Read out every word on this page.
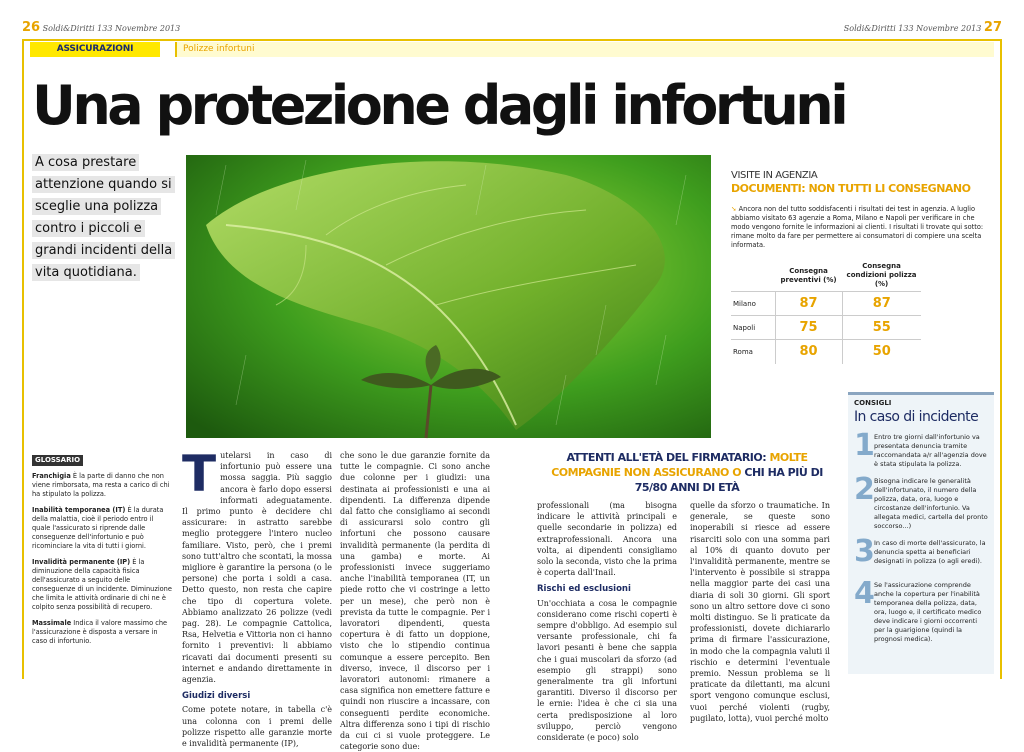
26 Soldi&Diritti 133 Novembre 2013	Soldi&Diritti 133 Novembre 2013 27
ASSICURAZIONI	Polizze infortuni
Una protezione dagli infortuni
A cosa prestare attenzione quando si sceglie una polizza contro i piccoli e grandi incidenti della vita quotidiana.
VISITE IN AGENZIA
DOCUMENTI: NON TUTTI LI CONSEGNANO
➘ Ancora non del tutto soddisfacenti i risultati dei test in agenzia. A luglio abbiamo visitato 63 agenzie a Roma, Milano e Napoli per verificare in che modo vengono fornite le informazioni ai clienti. I risultati li trovate qui sotto: rimane molto da fare per permettere ai consumatori di compiere una scelta informata.
	Consegna preventivi (%)	Consegna condizioni polizza (%)
Milano	87	87
Napoli	75	55
Roma	80	50
GLOSSARIO

Franchigia È la parte di danno che non viene rimborsata, ma resta a carico di chi ha stipulato la polizza.

Inabilità temporanea (IT) È la durata della malattia, cioè il periodo entro il quale l'assicurato si riprende dalle conseguenze dell'infortunio e può ricominciare la vita di tutti i giorni.

Invalidità permanente (IP) È la diminuzione della capacità fisica dell'assicurato a seguito delle conseguenze di un incidente. Diminuzione che limita le attività ordinarie di chi ne è colpito senza possibilità di recupero.

Massimale Indica il valore massimo che l'assicurazione è disposta a versare in caso di infortunio.

T utelarsi in caso di infortunio può essere una mossa saggia. Più saggio ancora è farlo dopo essersi informati adeguatamente. Il primo punto è decidere chi assicurare: in astratto sarebbe meglio proteggere l'intero nucleo familiare. Visto, però, che i premi sono tutt'altro che scontati, la mossa migliore è garantire la persona (o le persone) che porta i soldi a casa. Detto questo, non resta che capire che tipo di copertura volete. Abbiamo analizzato 26 polizze (vedi pag. 28). Le compagnie Cattolica, Rsa, Helvetia e Vittoria non ci hanno fornito i preventivi: li abbiamo ricavati dai documenti presenti su internet e andando direttamente in agenzia.
Giudizi diversi
Come potete notare, in tabella c'è una colonna con i premi delle polizze rispetto alle garanzie morte e invalidità permanente (IP),
che sono le due garanzie fornite da tutte le compagnie. Ci sono anche due colonne per i giudizi: una destinata ai professionisti e una ai dipendenti. La differenza dipende dal fatto che consigliamo ai secondi di assicurarsi solo contro gli infortuni che possono causare invalidità permanente (la perdita di una gamba) e morte. Ai professionisti invece suggeriamo anche l'inabilità temporanea (IT, un piede rotto che vi costringe a letto per un mese), che però non è prevista da tutte le compagnie. Per i lavoratori dipendenti, questa copertura è di fatto un doppione, visto che lo stipendio continua comunque a essere percepito. Ben diverso, invece, il discorso per i lavoratori autonomi: rimanere a casa significa non emettere fatture e quindi non riuscire a incassare, con conseguenti perdite economiche. Altra differenza sono i tipi di rischio da cui ci si vuole proteggere. Le categorie sono due:
ATTENTI ALL'ETÀ DEL FIRMATARIO: MOLTE COMPAGNIE NON ASSICURANO O CHI HA PIÙ DI 75/80 ANNI DI ETÀ
professionali (ma bisogna indicare le attività principali e quelle secondarie in polizza) ed extraprofessionali. Ancora una volta, ai dipendenti consigliamo solo la seconda, visto che la prima è coperta dall'Inail.
Rischi ed esclusioni
Un'occhiata a cosa le compagnie considerano come rischi coperti è sempre d'obbligo. Ad esempio sul versante professionale, chi fa lavori pesanti è bene che sappia che i guai muscolari da sforzo (ad esempio gli strappi) sono generalmente tra gli infortuni garantiti. Diverso il discorso per le ernie: l'idea è che ci sia una certa predisposizione al loro sviluppo, perciò vengono considerate (e poco) solo
quelle da sforzo o traumatiche. In generale, se queste sono inoperabili si riesce ad essere risarciti solo con una somma pari al 10% di quanto dovuto per l'invalidità permanente, mentre se l'intervento è possibile si strappa nella maggior parte dei casi una diaria di soli 30 giorni. Gli sport sono un altro settore dove ci sono molti distinguo. Se li praticate da professionisti, dovete dichiararlo prima di firmare l'assicurazione, in modo che la compagnia valuti il rischio e determini l'eventuale premio. Nessun problema se li praticate da dilettanti, ma alcuni sport vengono comunque esclusi, vuoi perché violenti (rugby, pugilato, lotta), vuoi perché molto
CONSIGLI
In caso di incidente
1 Entro tre giorni dall'infortunio va presentata denuncia tramite raccomandata a/r all'agenzia dove è stata stipulata la polizza.
2 Bisogna indicare le generalità dell'infortunato, il numero della polizza, data, ora, luogo e circostanze dell'infortunio. Va allegata medici, cartella del pronto soccorso...)
3 In caso di morte dell'assicurato, la denuncia spetta ai beneficiari designati in polizza (o agli eredi).
4 Se l'assicurazione comprende anche la copertura per l'inabilità temporanea della polizza, data, ora, luogo e, il certificato medico deve indicare i giorni occorrenti per la guarigione (quindi la prognosi medica).
